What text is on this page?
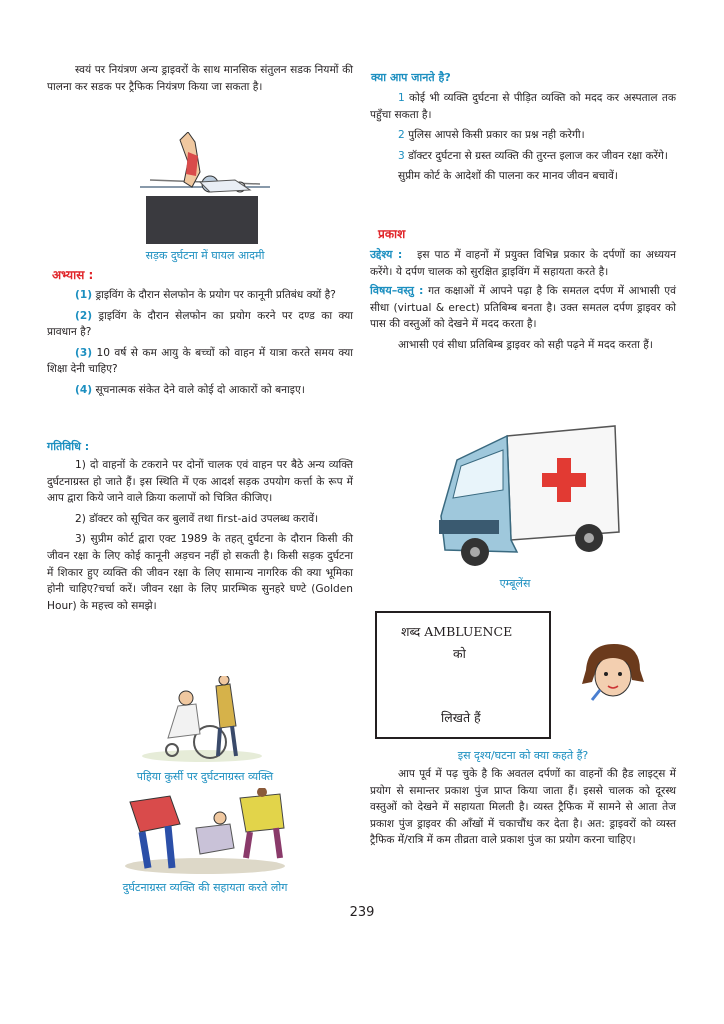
स्वयं पर नियंत्रण अन्य ड्राइवरों के साथ मानसिक संतुलन सडक नियमों की पालना कर सडक पर ट्रैफिक नियंत्रण किया जा सकता है।

सड़क दुर्घटना में घायल आदमी
अभ्यास :

(1) ड्राइविंग के दौरान सेलफोन के प्रयोग पर कानूनी प्रतिबंध क्यों है?

(2) ड्राइविंग के दौरान सेलफोन का प्रयोग करने पर दण्ड का क्या प्रावधान है?

(3) 10 वर्ष से कम आयु के बच्चों को वाहन में यात्रा करते समय क्या शिक्षा देनी चाहिए?

(4) सूचनात्मक संकेत देने वाले कोई दो आकारों को बनाइए।

गतिविधि :

1) दो वाहनों के टकराने पर दोनों चालक एवं वाहन पर बैठे अन्य व्यक्ति दुर्घटनाग्रस्त हो जाते हैं। इस स्थिति में एक आदर्श सड़क उपयोग कर्त्ता के रूप में आप द्वारा किये जाने वाले क्रिया कलापों को चित्रित कीजिए।

2) डॉक्टर को सूचित कर बुलावें तथा first-aid उपलब्ध करावें।

3) सुप्रीम कोर्ट द्वारा एक्ट 1989 के तहत् दुर्घटना के दौरान किसी की जीवन रक्षा के लिए कोई कानूनी अड़चन नहीं हो सकती है। किसी सड़क दुर्घटना में शिकार हुए व्यक्ति की जीवन रक्षा के लिए सामान्य नागरिक की क्या भूमिका होनी चाहिए?चर्चा करें। जीवन रक्षा के लिए प्रारम्भिक सुनहरे घण्टे (Golden Hour) के महत्त्व को समझे।

पहिया कुर्सी पर दुर्घटनाग्रस्त व्यक्ति
दुर्घटनाग्रस्त व्यक्ति की सहायता करते लोग
क्या आप जानते है?

1 कोई भी व्यक्ति दुर्घटना से पीड़ित व्यक्ति को मदद कर अस्पताल तक पहुँचा सकता है।

2 पुलिस आपसे किसी प्रकार का प्रश्न नही करेगी।

3 डॉक्टर दुर्घटना से ग्रस्त व्यक्ति की तुरन्त इलाज कर जीवन रक्षा करेंगे।

सुप्रीम कोर्ट के आदेशों की पालना कर मानव जीवन बचावें।

प्रकाश

उद्देश्य : इस पाठ में वाहनों में प्रयुक्त विभिन्न प्रकार के दर्पणों का अध्ययन करेंगे। ये दर्पण चालक को सुरक्षित ड्राइविंग में सहायता करते है।

विषय–वस्तु : गत कक्षाओं में आपने पढ़ा है कि समतल दर्पण में आभासी एवं सीधा (virtual & erect) प्रतिबिम्ब बनता है। उक्त समतल दर्पण ड्राइवर को पास की वस्तुओं को देखने में मदद करता है।

आभासी एवं सीधा प्रतिबिम्ब ड्राइवर को सही पढ़ने में मदद करता हैं।

एम्बूलेंस
शब्द AMBLUENCE
को
लिखते हैं
इस दृश्य/घटना को क्या कहते हैं?

आप पूर्व में पढ़ चुके है कि अवतल दर्पणों का वाहनों की हैड लाइट्स में प्रयोग से समान्तर प्रकाश पुंज प्राप्त किया जाता हैं। इससे चालक को दूरस्थ वस्तुओं को देखने में सहायता मिलती है। व्यस्त ट्रैफिक में सामने से आता तेज प्रकाश पुंज ड्राइवर की आँखों में चकाचौंध कर देता है। अत: ड्राइवरों को व्यस्त ट्रैफिक में/रात्रि में कम तीव्रता वाले प्रकाश पुंज का प्रयोग करना चाहिए।

239
